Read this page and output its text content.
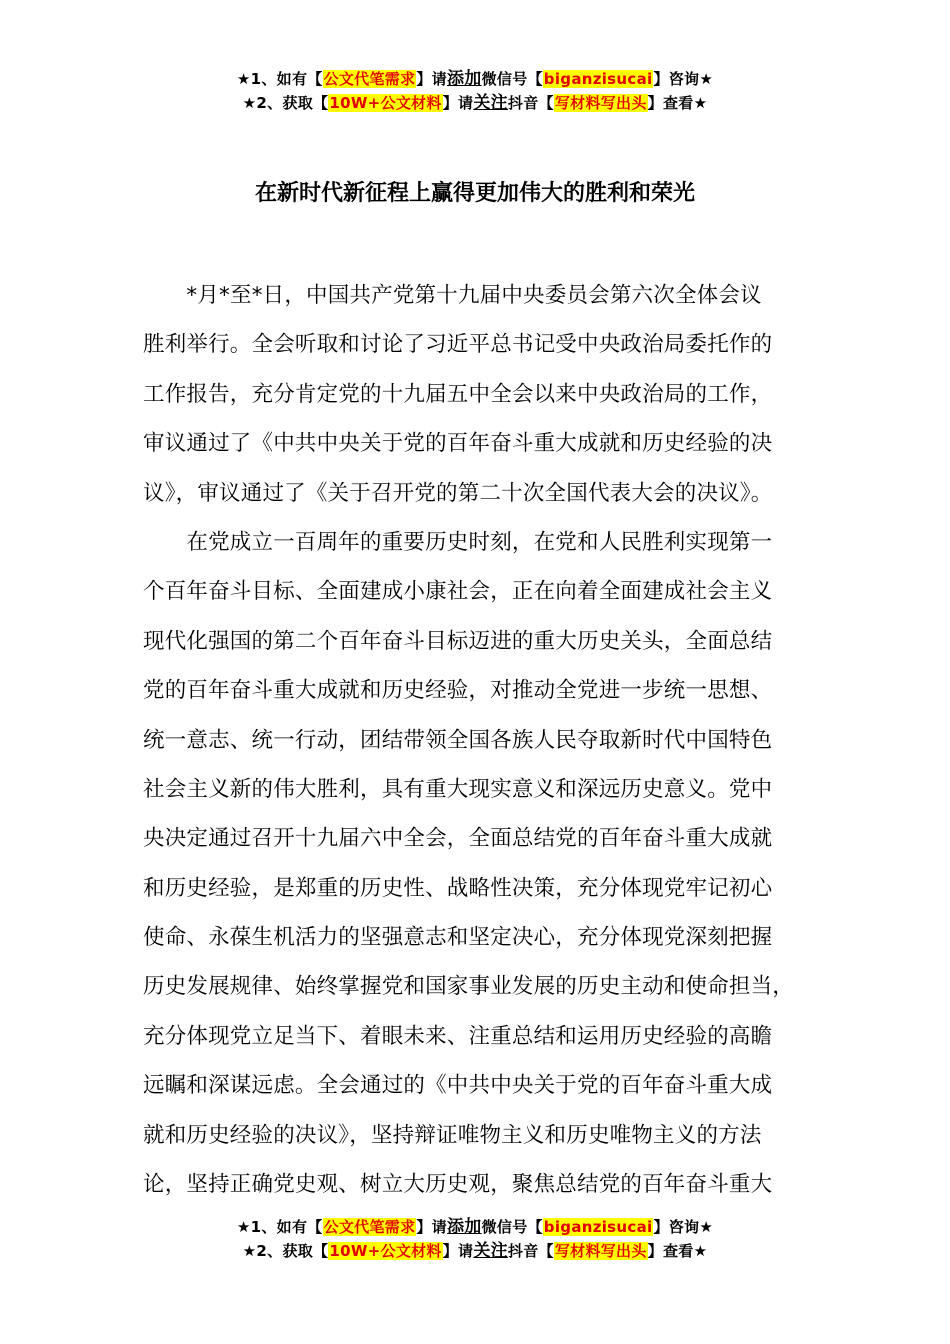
★1、如有【公文代笔需求】请添加微信号【biganzisucai】咨询★
★2、获取【10W+公文材料】请关注抖音【写材料写出头】查看★
在新时代新征程上赢得更加伟大的胜利和荣光
　　*月*至*日，中国共产党第十九届中央委员会第六次全体会议
胜利举行。全会听取和讨论了习近平总书记受中央政治局委托作的
工作报告，充分肯定党的十九届五中全会以来中央政治局的工作，
审议通过了《中共中央关于党的百年奋斗重大成就和历史经验的决
议》，审议通过了《关于召开党的第二十次全国代表大会的决议》。
　　在党成立一百周年的重要历史时刻，在党和人民胜利实现第一
个百年奋斗目标、全面建成小康社会，正在向着全面建成社会主义
现代化强国的第二个百年奋斗目标迈进的重大历史关头，全面总结
党的百年奋斗重大成就和历史经验，对推动全党进一步统一思想、
统一意志、统一行动，团结带领全国各族人民夺取新时代中国特色
社会主义新的伟大胜利，具有重大现实意义和深远历史意义。党中
央决定通过召开十九届六中全会，全面总结党的百年奋斗重大成就
和历史经验，是郑重的历史性、战略性决策，充分体现党牢记初心
使命、永葆生机活力的坚强意志和坚定决心，充分体现党深刻把握
历史发展规律、始终掌握党和国家事业发展的历史主动和使命担当，
充分体现党立足当下、着眼未来、注重总结和运用历史经验的高瞻
远瞩和深谋远虑。全会通过的《中共中央关于党的百年奋斗重大成
就和历史经验的决议》，坚持辩证唯物主义和历史唯物主义的方法
论，坚持正确党史观、树立大历史观，聚焦总结党的百年奋斗重大
★1、如有【公文代笔需求】请添加微信号【biganzisucai】咨询★
★2、获取【10W+公文材料】请关注抖音【写材料写出头】查看★
